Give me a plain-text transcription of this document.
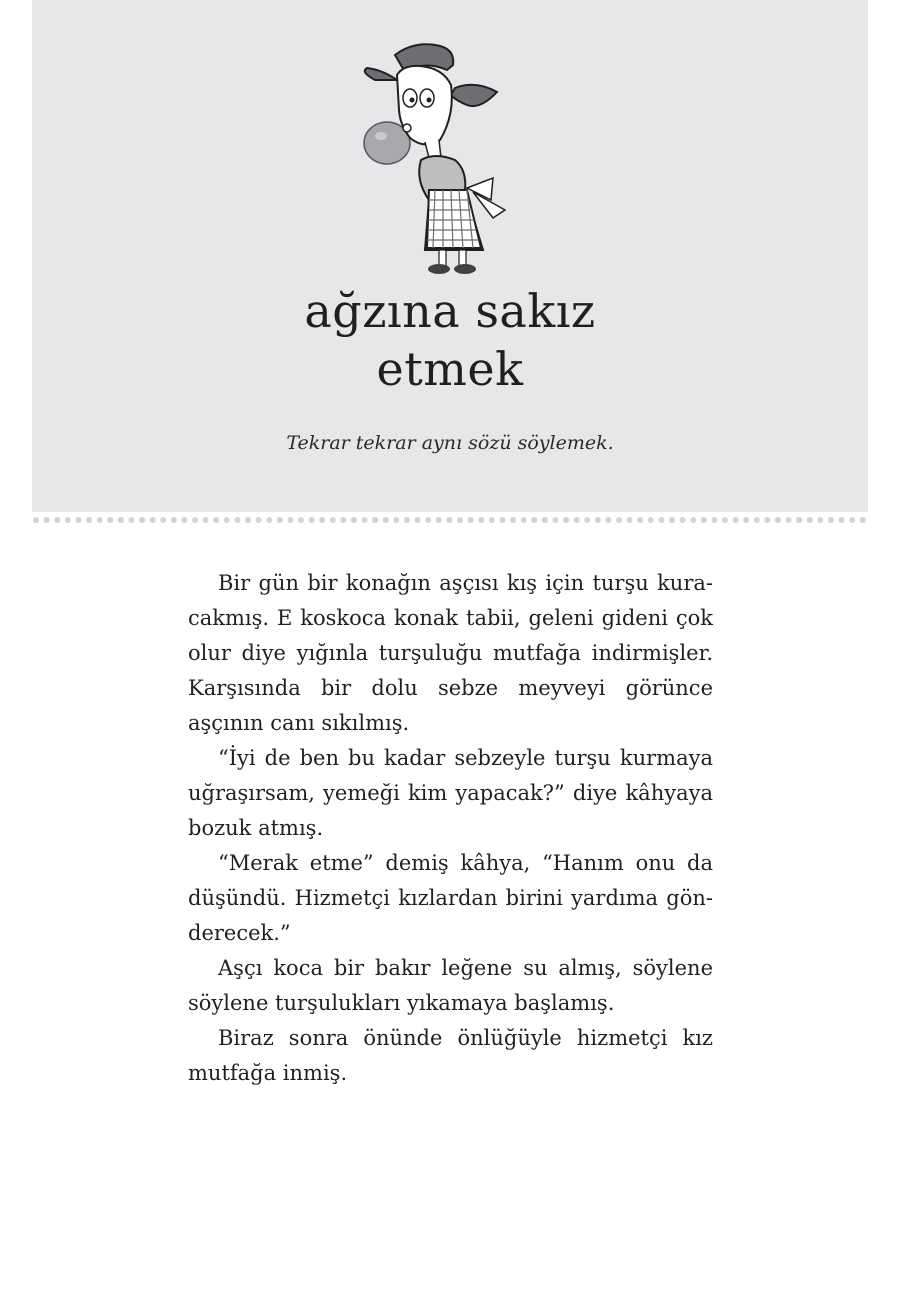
ağzına sakız
etmek
Tekrar tekrar aynı sözü söylemek.

Bir gün bir konağın aşçısı kış için turşu kuracakmış. E koskoca konak tabii, geleni gideni çok olur diye yığınla turşuluğu mutfağa indirmişler. Karşısında bir dolu sebze meyveyi görünce aşçının canı sıkılmış.

“İyi de ben bu kadar sebzeyle turşu kurmaya uğraşırsam, yemeği kim yapacak?” diye kâhyaya bozuk atmış.

“Merak etme” demiş kâhya, “Hanım onu da düşündü. Hizmetçi kızlardan birini yardıma gönderecek.”

Aşçı koca bir bakır leğene su almış, söylene söylene turşulukları yıkamaya başlamış.

Biraz sonra önünde önlüğüyle hizmetçi kız mutfağa inmiş.
